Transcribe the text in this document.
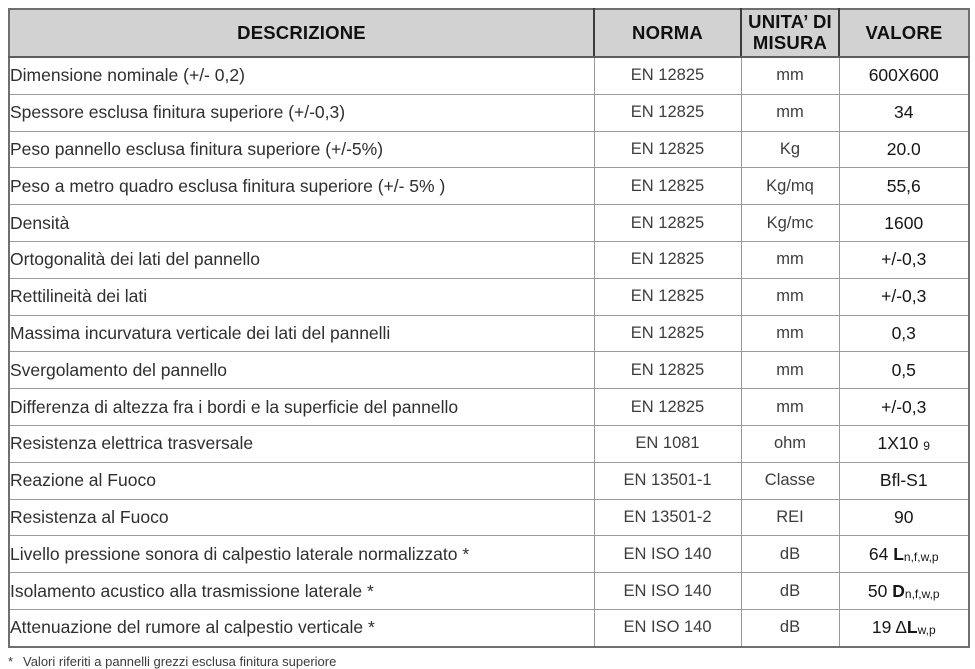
DESCRIZIONE	NORMA	UNITA’ DI MISURA	VALORE
Dimensione nominale (+/- 0,2)	EN 12825	mm	600X600
Spessore esclusa finitura superiore (+/-0,3)	EN 12825	mm	34
Peso pannello esclusa finitura superiore (+/-5%)	EN 12825	Kg	20.0
Peso a metro quadro esclusa finitura superiore (+/- 5% )	EN 12825	Kg/mq	55,6
Densità	EN 12825	Kg/mc	1600
Ortogonalità dei lati del pannello	EN 12825	mm	+/-0,3
Rettilineità dei lati	EN 12825	mm	+/-0,3
Massima incurvatura verticale dei lati del pannelli	EN 12825	mm	0,3
Svergolamento del pannello	EN 12825	mm	0,5
Differenza di altezza fra i bordi e la superficie del pannello	EN 12825	mm	+/-0,3
Resistenza elettrica trasversale	EN 1081	ohm	1X10 9
Reazione al Fuoco	EN 13501-1	Classe	Bfl-S1
Resistenza al Fuoco	EN 13501-2	REI	90
Livello pressione sonora di calpestio laterale normalizzato *	EN ISO 140	dB	64 Ln,f,w,p
Isolamento acustico alla trasmissione laterale *	EN ISO 140	dB	50 Dn,f,w,p
Attenuazione del rumore al calpestio verticale *	EN ISO 140	dB	19 ΔLw,p
* Valori riferiti a pannelli grezzi esclusa finitura superiore
